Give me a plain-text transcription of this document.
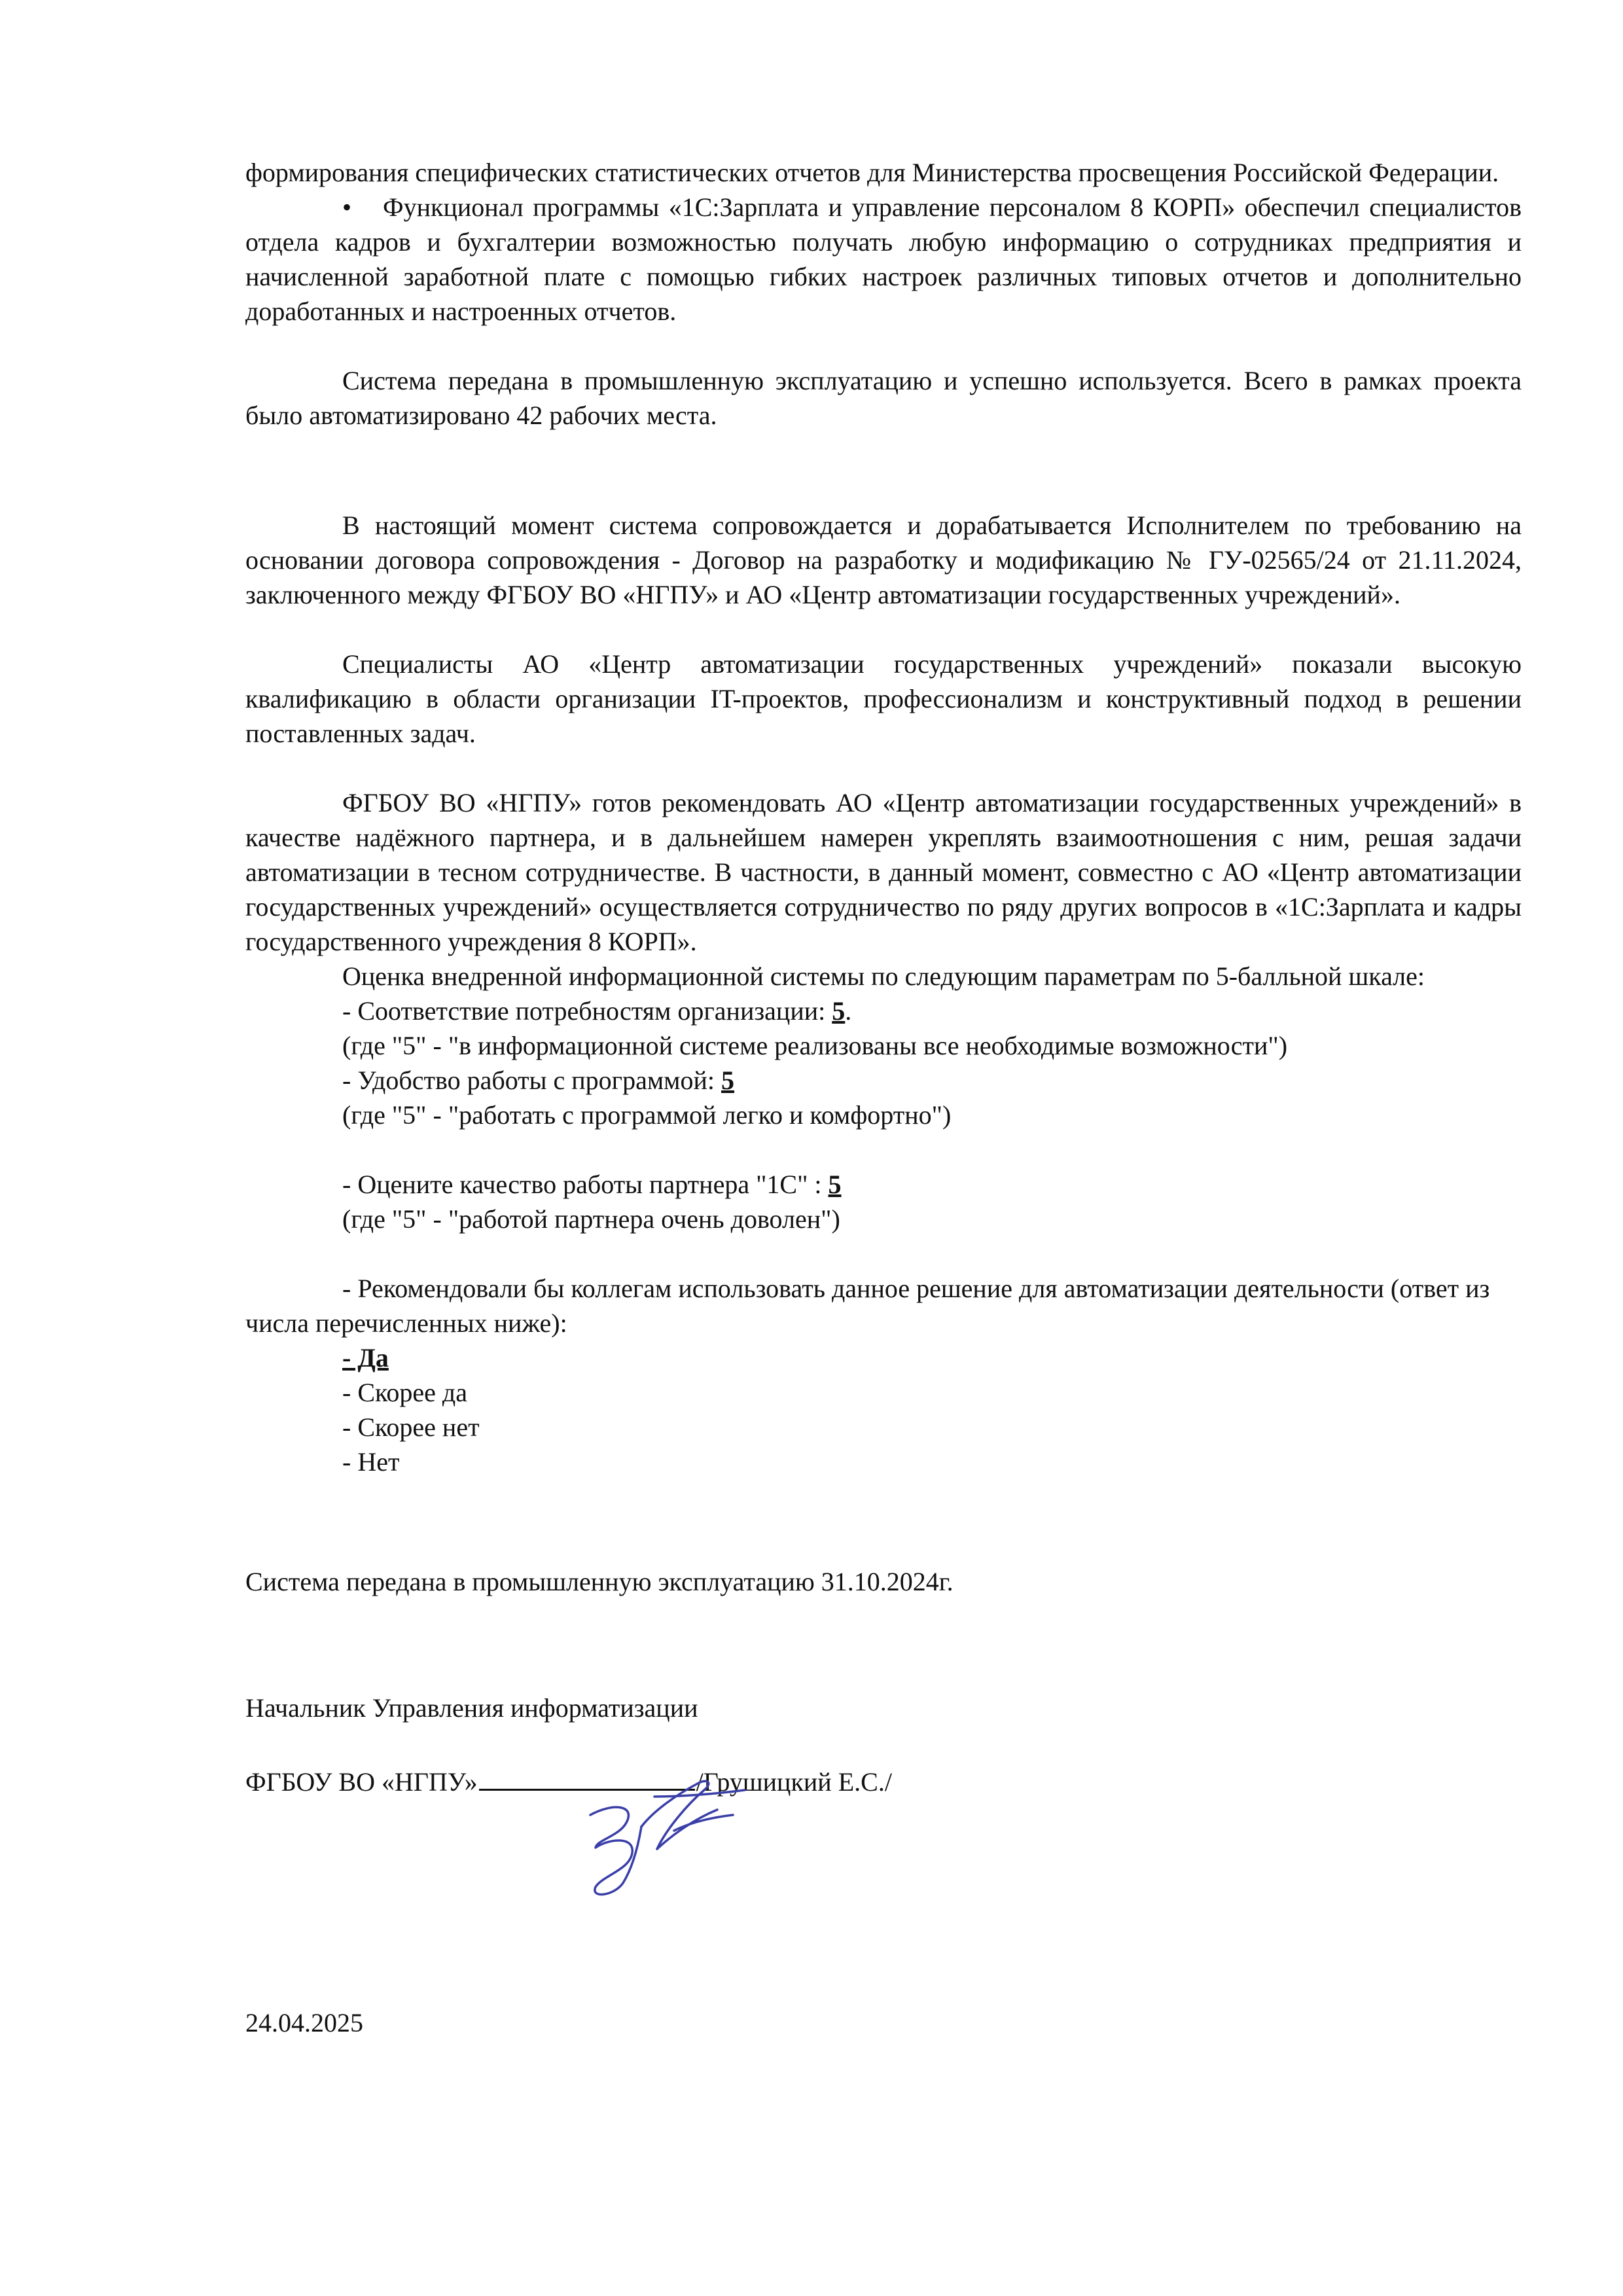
формирования специфических статистических отчетов для Министерства просвещения Российской Федерации.

• Функционал программы «1С:Зарплата и управление персоналом 8 КОРП» обеспечил специалистов отдела кадров и бухгалтерии возможностью получать любую информацию о сотрудниках предприятия и начисленной заработной плате с помощью гибких настроек различных типовых отчетов и дополнительно доработанных и настроенных отчетов.

Система передана в промышленную эксплуатацию и успешно используется. Всего в рамках проекта было автоматизировано 42 рабочих места.

В настоящий момент система сопровождается и дорабатывается Исполнителем по требованию на основании договора сопровождения - Договор на разработку и модификацию № ГУ-02565/24 от 21.11.2024, заключенного между ФГБОУ ВО «НГПУ» и АО «Центр автоматизации государственных учреждений».

Специалисты АО «Центр автоматизации государственных учреждений» показали высокую квалификацию в области организации IT-проектов, профессионализм и конструктивный подход в решении поставленных задач.

ФГБОУ ВО «НГПУ» готов рекомендовать АО «Центр автоматизации государственных учреждений» в качестве надёжного партнера, и в дальнейшем намерен укреплять взаимоотношения с ним, решая задачи автоматизации в тесном сотрудничестве. В частности, в данный момент, совместно с АО «Центр автоматизации государственных учреждений» осуществляется сотрудничество по ряду других вопросов в «1С:Зарплата и кадры государственного учреждения 8 КОРП».

Оценка внедренной информационной системы по следующим параметрам по 5-балльной шкале:

- Соответствие потребностям организации: 5.

(где "5" - "в информационной системе реализованы все необходимые возможности")

- Удобство работы с программой: 5

(где "5" - "работать с программой легко и комфортно")

- Оцените качество работы партнера "1С" : 5

(где "5" - "работой партнера очень доволен")

- Рекомендовали бы коллегам использовать данное решение для автоматизации деятельности (ответ из числа перечисленных ниже):

- Да

- Скорее да

- Скорее нет

- Нет

Система передана в промышленную эксплуатацию 31.10.2024г.

Начальник Управления информатизации

ФГБОУ ВО «НГПУ»	/Грушицкий Е.С./

24.04.2025
